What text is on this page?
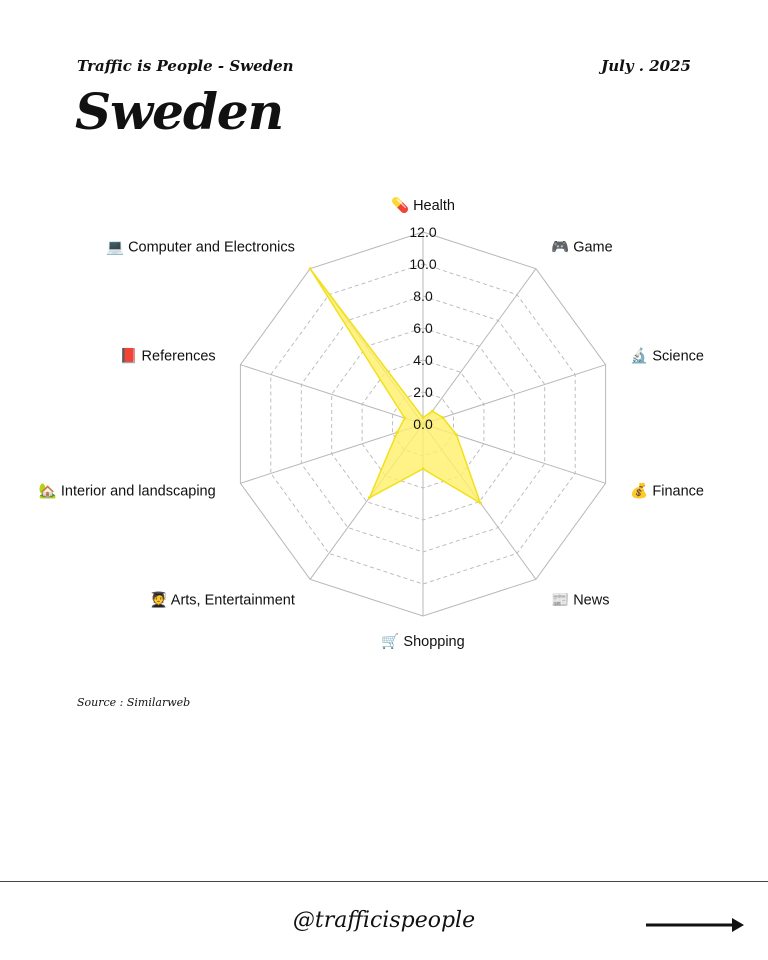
Traffic is People - Sweden	July . 2025

Sweden
0.0
2.0
4.0
6.0
8.0
10.0
12.0
💊 Health
🎮 Game
🔬 Science
💰 Finance
📰 News
🛒 Shopping
🧑‍🎓 Arts, Entertainment
🏡 Interior and landscaping
📕 References
💻 Computer and Electronics

Source : Similarweb

@trafficispeople
